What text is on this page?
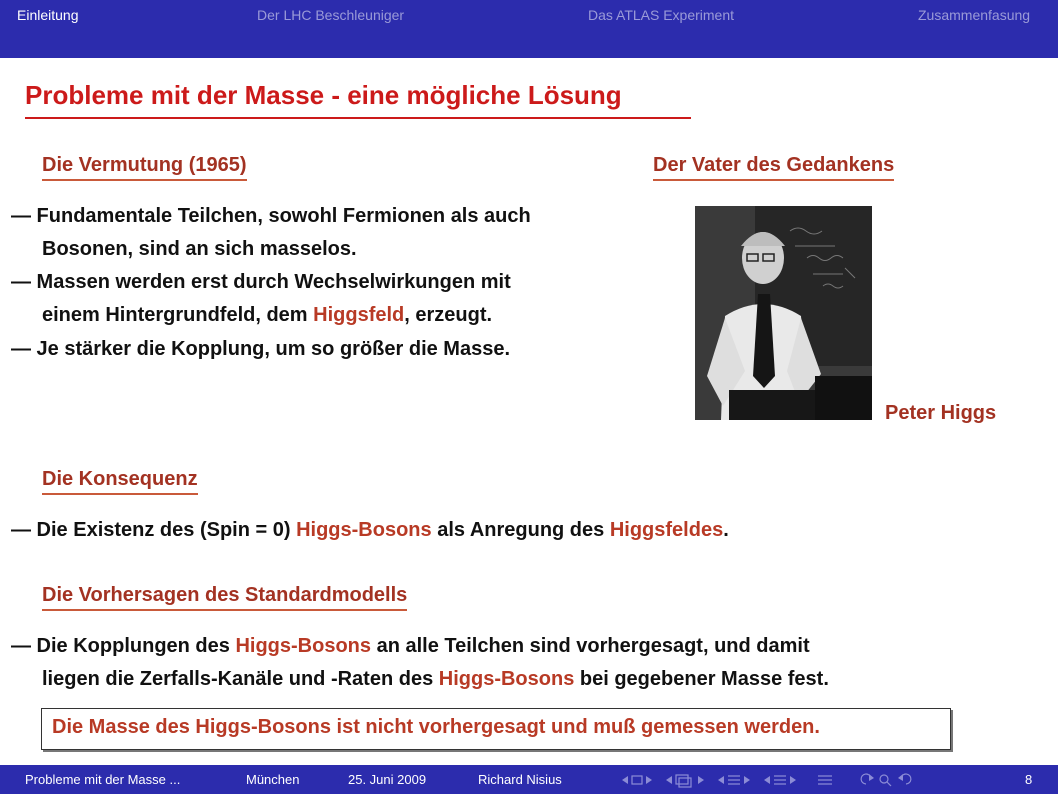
Einleitung	Der LHC Beschleuniger	Das ATLAS Experiment	Zusammenfasung
Probleme mit der Masse - eine mögliche Lösung
Die Vermutung (1965)
— Fundamentale Teilchen, sowohl Fermionen als auch
Bosonen, sind an sich masselos.
— Massen werden erst durch Wechselwirkungen mit
einem Hintergrundfeld, dem Higgsfeld, erzeugt.
— Je stärker die Kopplung, um so größer die Masse.
Der Vater des Gedankens
Peter Higgs
Die Konsequenz
— Die Existenz des (Spin = 0) Higgs-Bosons als Anregung des Higgsfeldes.
Die Vorhersagen des Standardmodells
— Die Kopplungen des Higgs-Bosons an alle Teilchen sind vorhergesagt, und damit
liegen die Zerfalls-Kanäle und -Raten des Higgs-Bosons bei gegebener Masse fest.
Die Masse des Higgs-Bosons ist nicht vorhergesagt und muß gemessen werden.
Probleme mit der Masse ...	München	25. Juni 2009	Richard Nisius	8
